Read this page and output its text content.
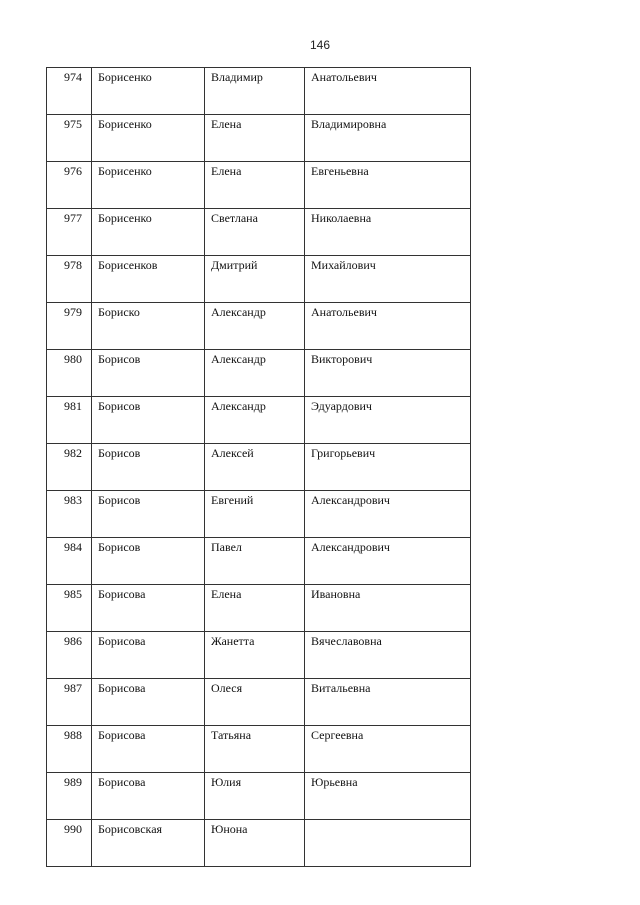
146
974	Борисенко	Владимир	Анатольевич
975	Борисенко	Елена	Владимировна
976	Борисенко	Елена	Евгеньевна
977	Борисенко	Светлана	Николаевна
978	Борисенков	Дмитрий	Михайлович
979	Бориско	Александр	Анатольевич
980	Борисов	Александр	Викторович
981	Борисов	Александр	Эдуардович
982	Борисов	Алексей	Григорьевич
983	Борисов	Евгений	Александрович
984	Борисов	Павел	Александрович
985	Борисова	Елена	Ивановна
986	Борисова	Жанетта	Вячеславовна
987	Борисова	Олеся	Витальевна
988	Борисова	Татьяна	Сергеевна
989	Борисова	Юлия	Юрьевна
990	Борисовская	Юнона	
